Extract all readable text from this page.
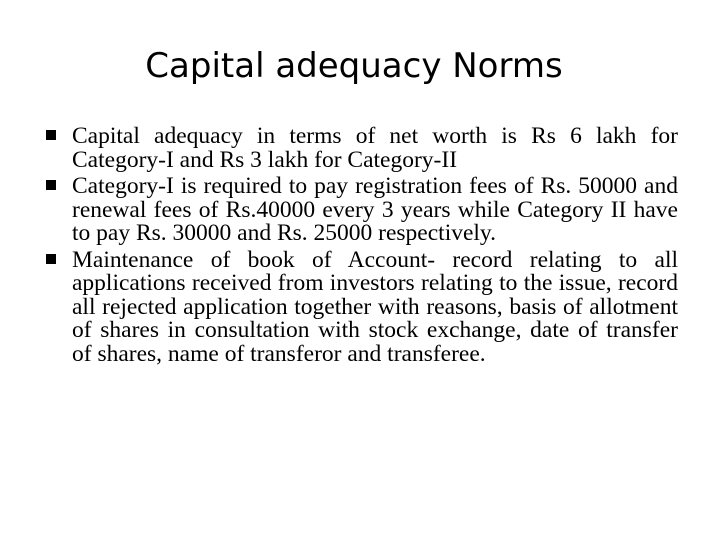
Capital adequacy Norms
Capital adequacy in terms of net worth is Rs 6 lakh for Category-I and Rs 3 lakh for Category-II
Category-I is required to pay registration fees of Rs. 50000 and renewal fees of Rs.40000 every 3 years while Category II have to pay Rs. 30000 and Rs. 25000 respectively.
Maintenance of book of Account- record relating to all applications received from investors relating to the issue, record all rejected application together with reasons, basis of allotment of shares in consultation with stock exchange, date of transfer of shares, name of transferor and transferee.
